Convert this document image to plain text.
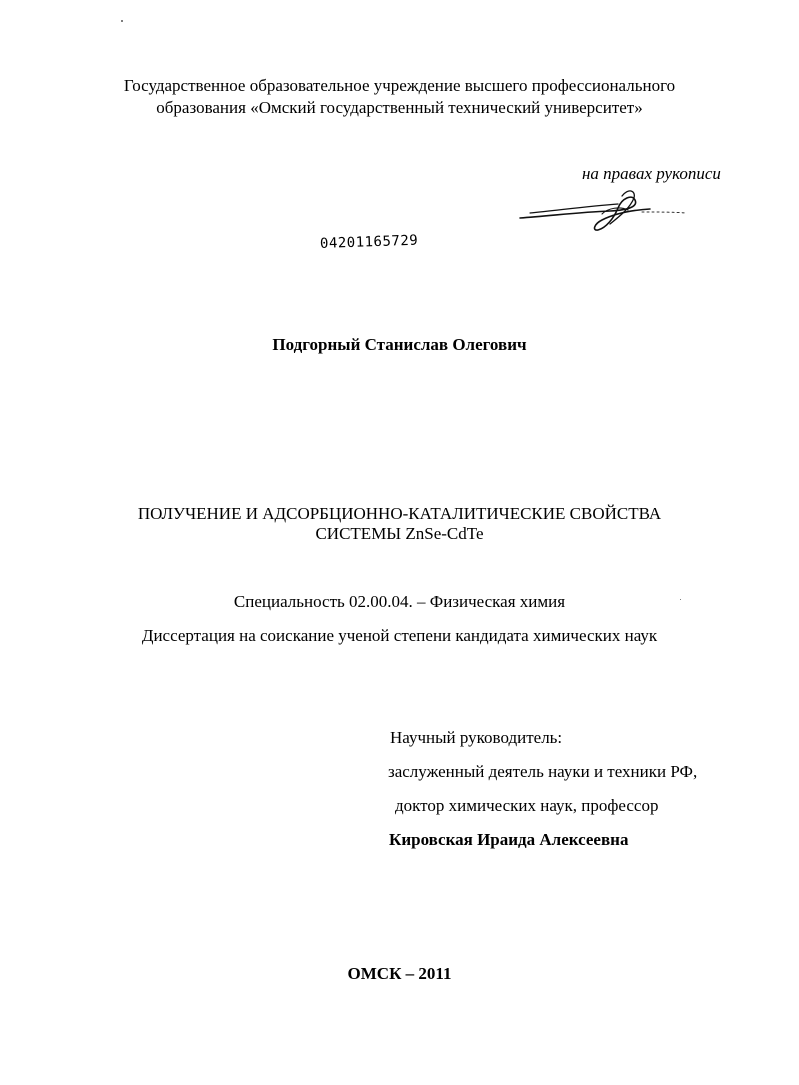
Государственное образовательное учреждение высшего профессионального
образования «Омский государственный технический университет»
на правах рукописи
04201165729
Подгорный Станислав Олегович
ПОЛУЧЕНИЕ И АДСОРБЦИОННО-КАТАЛИТИЧЕСКИЕ СВОЙСТВА
СИСТЕМЫ ZnSe-CdTe
Специальность 02.00.04. – Физическая химия
Диссертация на соискание ученой степени кандидата химических наук
Научный руководитель:
заслуженный деятель науки и техники РФ,
доктор химических наук, профессор
Кировская Ираида Алексеевна
ОМСК – 2011
